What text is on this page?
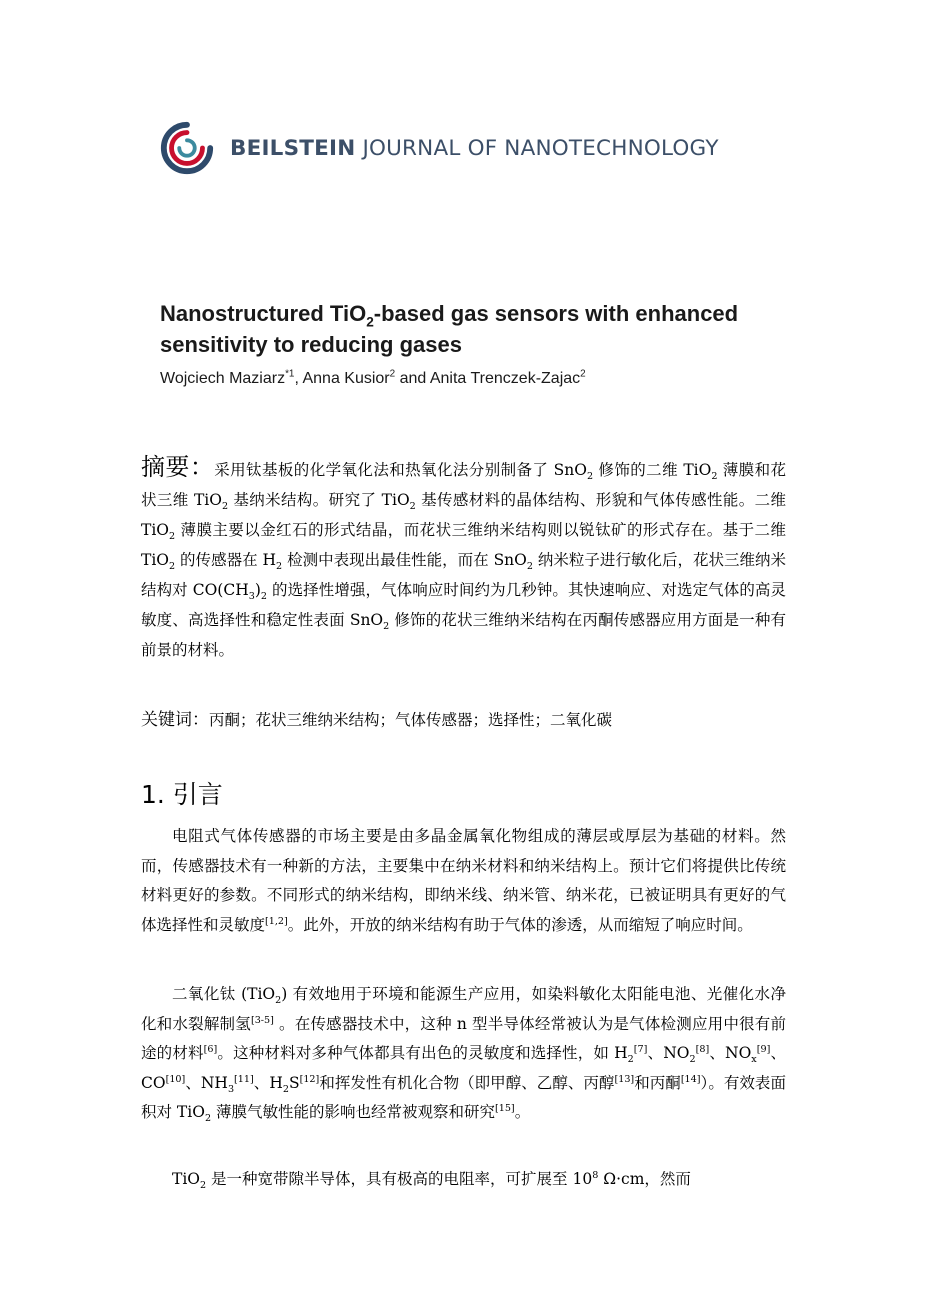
BEILSTEIN JOURNAL OF NANOTECHNOLOGY
Nanostructured TiO$_2$-based gas sensors with enhanced sensitivity to reducing gases
Wojciech Maziarz$^{*1}$, Anna Kusior$^2$ and Anita Trenczek-Zajac$^2$
摘要：采用钛基板的化学氧化法和热氧化法分别制备了 SnO$_2$ 修饰的二维 TiO$_2$ 薄膜和花状三维 TiO$_2$ 基纳米结构。研究了 TiO$_2$ 基传感材料的晶体结构、形貌和气体传感性能。二维 TiO$_2$ 薄膜主要以金红石的形式结晶，而花状三维纳米结构则以锐钛矿的形式存在。基于二维 TiO$_2$ 的传感器在 $H_2$ 检测中表现出最佳性能，而在 SnO$_2$ 纳米粒子进行敏化后，花状三维纳米结构对 $CO(CH_3)_2$ 的选择性增强，气体响应时间约为几秒钟。其快速响应、对选定气体的高灵敏度、高选择性和稳定性表面 SnO$_2$ 修饰的花状三维纳米结构在丙酮传感器应用方面是一种有前景的材料。
关键词：丙酮；花状三维纳米结构；气体传感器；选择性；二氧化碳
1. 引言
电阻式气体传感器的市场主要是由多晶金属氧化物组成的薄层或厚层为基础的材料。然而，传感器技术有一种新的方法，主要集中在纳米材料和纳米结构上。预计它们将提供比传统材料更好的参数。不同形式的纳米结构，即纳米线、纳米管、纳米花，已被证明具有更好的气体选择性和灵敏度[1,2]。此外，开放的纳米结构有助于气体的渗透，从而缩短了响应时间。
二氧化钛 (TiO$_2$) 有效地用于环境和能源生产应用，如染料敏化太阳能电池、光催化水净化和水裂解制氢[3-5] 。在传感器技术中，这种 n 型半导体经常被认为是气体检测应用中很有前途的材料[6]。这种材料对多种气体都具有出色的灵敏度和选择性，如 $H_2[7]$、$NO_2[8]$、$NO_x[9]$、CO[10]、$NH_3[11]$、$H_2S[12]$和挥发性有机化合物（即甲醇、乙醇、丙醇[13]和丙酮[14]）。有效表面积对 TiO$_2$ 薄膜气敏性能的影响也经常被观察和研究[15]。
TiO$_2$ 是一种宽带隙半导体，具有极高的电阻率，可扩展至 $10^8$ Ω·cm，然而
